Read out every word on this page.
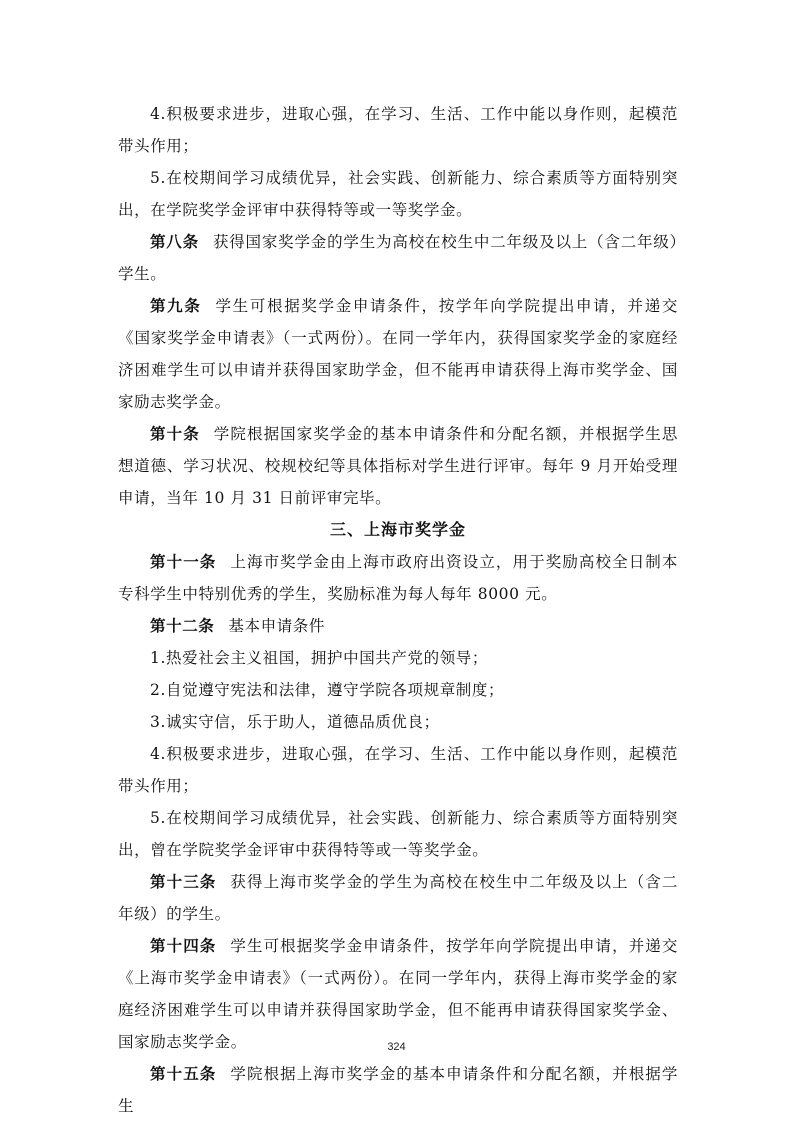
4.积极要求进步，进取心强，在学习、生活、工作中能以身作则，起模范带头作用；
5.在校期间学习成绩优异，社会实践、创新能力、综合素质等方面特别突出，在学院奖学金评审中获得特等或一等奖学金。
第八条 获得国家奖学金的学生为高校在校生中二年级及以上（含二年级）学生。
第九条 学生可根据奖学金申请条件，按学年向学院提出申请，并递交《国家奖学金申请表》（一式两份）。在同一学年内，获得国家奖学金的家庭经济困难学生可以申请并获得国家助学金，但不能再申请获得上海市奖学金、国家励志奖学金。
第十条 学院根据国家奖学金的基本申请条件和分配名额，并根据学生思想道德、学习状况、校规校纪等具体指标对学生进行评审。每年 9 月开始受理申请，当年 10 月 31 日前评审完毕。
三、上海市奖学金
第十一条 上海市奖学金由上海市政府出资设立，用于奖励高校全日制本专科学生中特别优秀的学生，奖励标准为每人每年 8000 元。
第十二条 基本申请条件
1.热爱社会主义祖国，拥护中国共产党的领导；
2.自觉遵守宪法和法律，遵守学院各项规章制度；
3.诚实守信，乐于助人，道德品质优良；
4.积极要求进步，进取心强，在学习、生活、工作中能以身作则，起模范带头作用；
5.在校期间学习成绩优异，社会实践、创新能力、综合素质等方面特别突出，曾在学院奖学金评审中获得特等或一等奖学金。
第十三条 获得上海市奖学金的学生为高校在校生中二年级及以上（含二年级）的学生。
第十四条 学生可根据奖学金申请条件，按学年向学院提出申请，并递交《上海市奖学金申请表》（一式两份）。在同一学年内，获得上海市奖学金的家庭经济困难学生可以申请并获得国家助学金，但不能再申请获得国家奖学金、国家励志奖学金。
第十五条 学院根据上海市奖学金的基本申请条件和分配名额，并根据学生
324
